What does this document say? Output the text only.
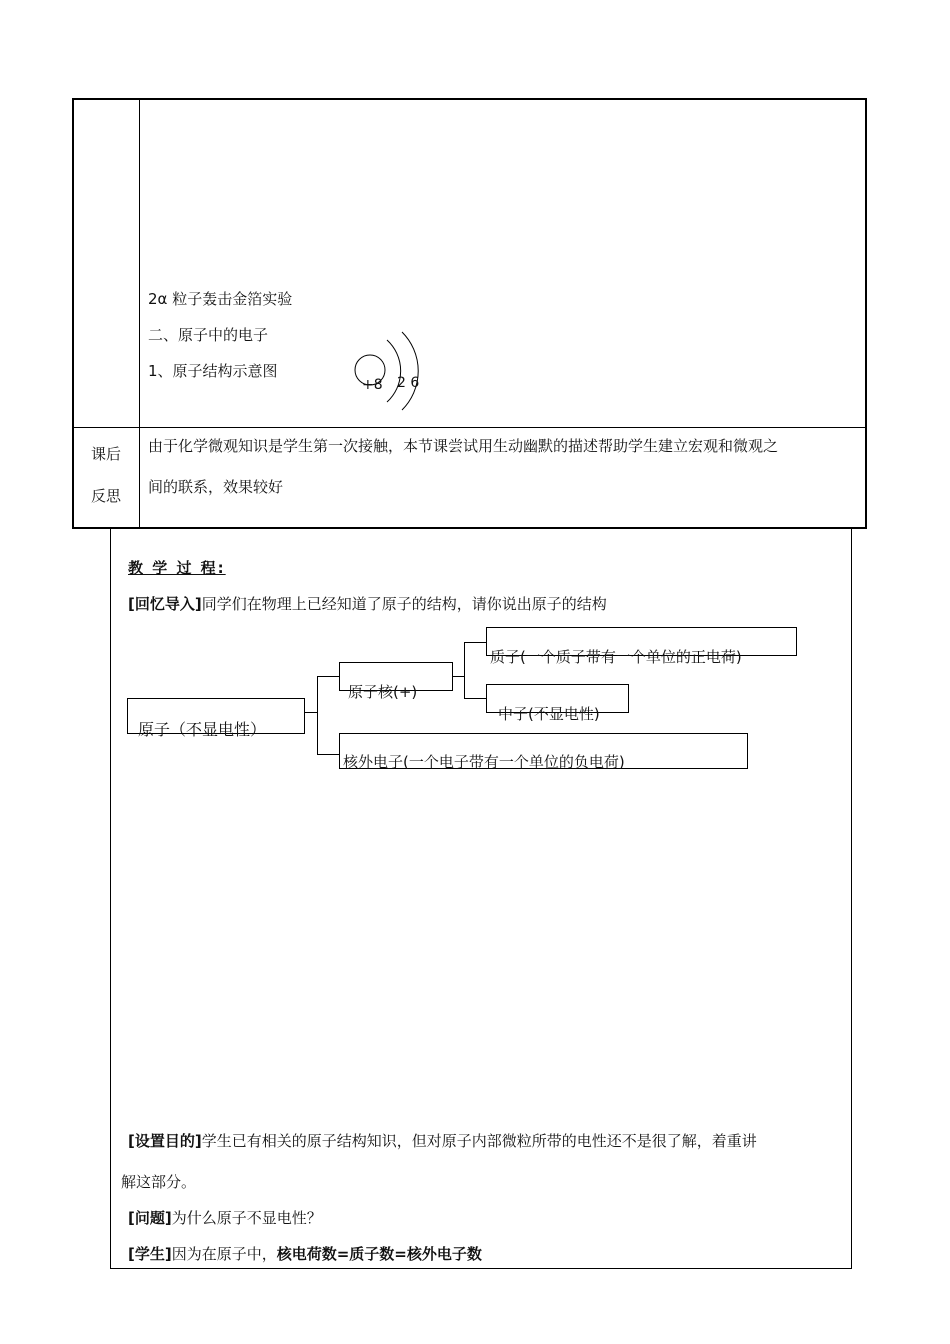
2α 粒子轰击金箔实验
二、原子中的电子
1、原子结构示意图
+8 2 6
课后
反思
由于化学微观知识是学生第一次接触，本节课尝试用生动幽默的描述帮助学生建立宏观和微观之
间的联系，效果较好
教 学 过 程:
[回忆导入]同学们在物理上已经知道了原子的结构，请你说出原子的结构
原子（不显电性）
原子核(+)
质子(一个质子带有一个单位的正电荷)
中子(不显电性)
核外电子(一个电子带有一个单位的负电荷)
[设置目的]学生已有相关的原子结构知识，但对原子内部微粒所带的电性还不是很了解，着重讲
解这部分。
[问题]为什么原子不显电性？
[学生]因为在原子中，核电荷数=质子数=核外电子数
